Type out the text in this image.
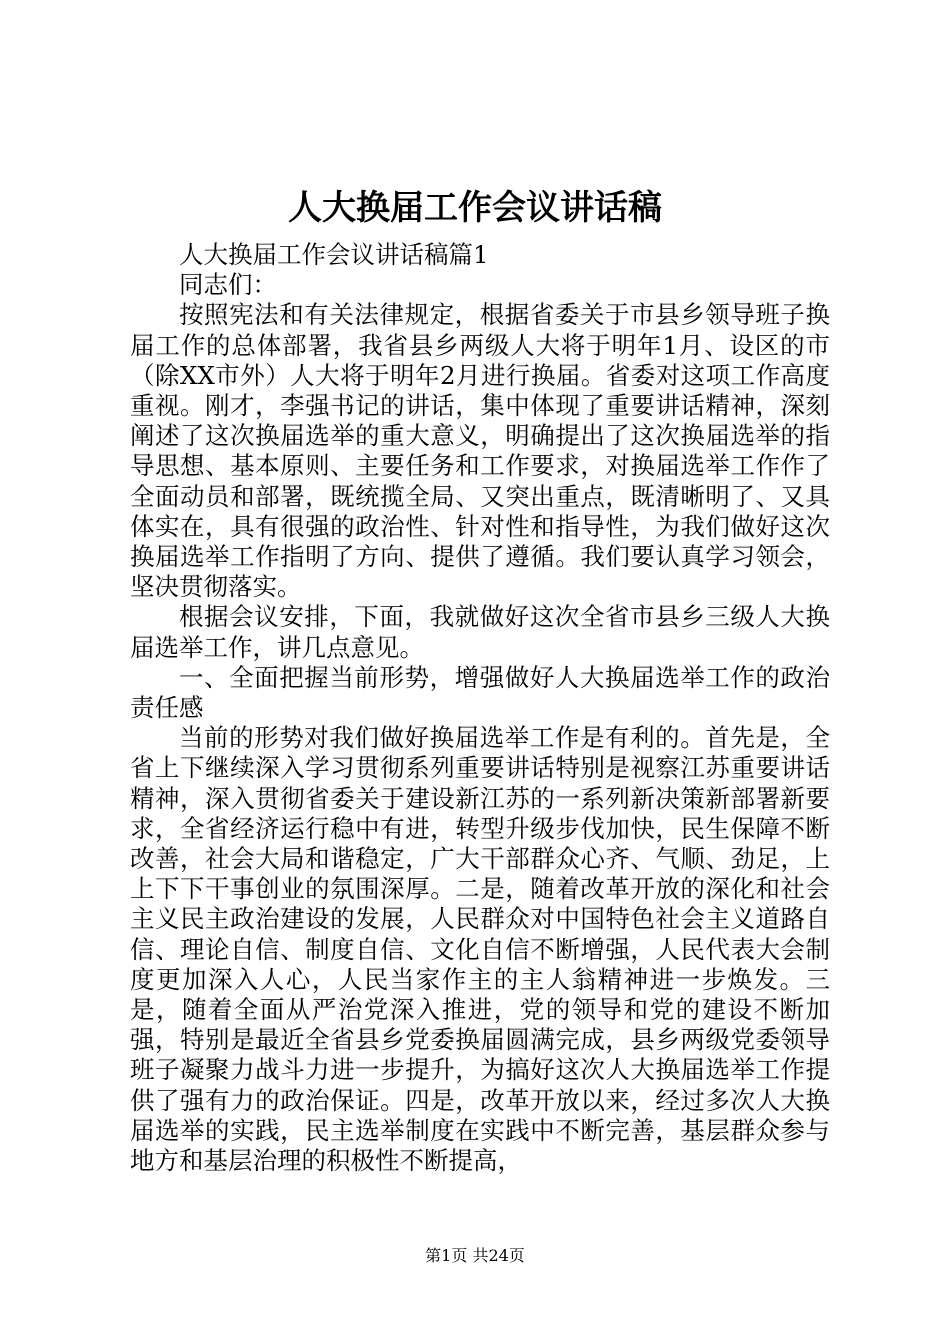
人大换届工作会议讲话稿

人大换届工作会议讲话稿篇1

同志们：

按照宪法和有关法律规定，根据省委关于市县乡领导班子换届工作的总体部署，我省县乡两级人大将于明年1月、设区的市（除XX市外）人大将于明年2月进行换届。省委对这项工作高度重视。刚才，李强书记的讲话，集中体现了重要讲话精神，深刻阐述了这次换届选举的重大意义，明确提出了这次换届选举的指导思想、基本原则、主要任务和工作要求，对换届选举工作作了全面动员和部署，既统揽全局、又突出重点，既清晰明了、又具体实在，具有很强的政治性、针对性和指导性，为我们做好这次换届选举工作指明了方向、提供了遵循。我们要认真学习领会，坚决贯彻落实。

根据会议安排，下面，我就做好这次全省市县乡三级人大换届选举工作，讲几点意见。

一、全面把握当前形势，增强做好人大换届选举工作的政治责任感

当前的形势对我们做好换届选举工作是有利的。首先是，全省上下继续深入学习贯彻系列重要讲话特别是视察江苏重要讲话精神，深入贯彻省委关于建设新江苏的一系列新决策新部署新要求，全省经济运行稳中有进，转型升级步伐加快，民生保障不断改善，社会大局和谐稳定，广大干部群众心齐、气顺、劲足，上上下下干事创业的氛围深厚。二是，随着改革开放的深化和社会主义民主政治建设的发展，人民群众对中国特色社会主义道路自信、理论自信、制度自信、文化自信不断增强，人民代表大会制度更加深入人心，人民当家作主的主人翁精神进一步焕发。三是，随着全面从严治党深入推进，党的领导和党的建设不断加强，特别是最近全省县乡党委换届圆满完成，县乡两级党委领导班子凝聚力战斗力进一步提升，为搞好这次人大换届选举工作提供了强有力的政治保证。四是，改革开放以来，经过多次人大换届选举的实践，民主选举制度在实践中不断完善，基层群众参与地方和基层治理的积极性不断提高，

第1页 共24页
